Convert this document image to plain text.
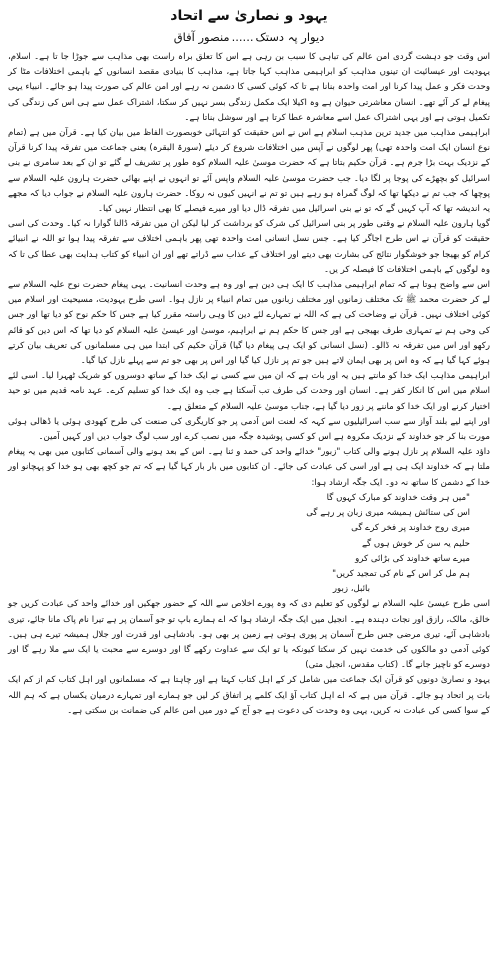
یہود و نصاریٰ سے اتحاد
دیوار پہ دستک......منصور آفاق

اس وقت جو دہشت گردی امن عالم کی تباہی کا سبب بن رہی ہے اس کا تعلق براہ راست بھی مذاہب سے جوڑا جا تا ہے۔ اسلام، یہودیت اور عیسائیت ان تینوں مذاہب کو ابراہیمی مذاہب کہا جاتا ہے، مذاہب کا بنیادی مقصد انسانوں کے باہمی اختلافات مٹا کر وحدت فکر و عمل پیدا کرنا اور امت واحدہ بنانا ہے تا کہ کوئی کسی کا دشمن نہ رہے اور امن عالم کی صورت پیدا ہو جائے۔ انبیاء یہی پیغام لے کر آئے تھے۔ انسان معاشرتی حیوان ہے وہ اکیلا ایک مکمل زندگی بسر نہیں کر سکتا، اشتراک عمل سے ہی اس کی زندگی کی تکمیل ہوتی ہے اور یہی اشتراک عمل اسے معاشرہ عطا کرتا ہے اور سوشل بناتا ہے۔

ابراہیمی مذاہب میں جدید ترین مذہب اسلام ہے اس نے اس حقیقت کو انتہائی خوبصورت الفاظ میں بیان کیا ہے۔ قرآن میں ہے (تمام نوع انسان ایک امت واحدہ تھی) پھر لوگوں نے آپس میں اختلافات شروع کر دیئے (سورۃ البقرہ) یعنی جماعت میں تفرقہ پیدا کرنا قرآن کے نزدیک بہت بڑا جرم ہے۔ قرآن حکیم بتاتا ہے کہ حضرت موسیٰ علیہ السلام کوہ طور پر تشریف لے گئے تو ان کے بعد سامری نے بنی اسرائیل کو بچھڑے کی پوجا پر لگا دیا۔ جب حضرت موسیٰ علیہ السلام واپس آئے تو انہوں نے اپنے بھائی حضرت ہارون علیہ السلام سے پوچھا کہ جب تم نے دیکھا تھا کہ لوگ گمراہ ہو رہے ہیں تو تم نے انہیں کیوں نہ روکا۔ حضرت ہارون علیہ السلام نے جواب دیا کہ مجھے یہ اندیشہ تھا کہ آپ کہیں گے کہ تو نے بنی اسرائیل میں تفرقہ ڈال دیا اور میرے فیصلے کا بھی انتظار نہیں کیا۔

گویا ہارون علیہ السلام نے وقتی طور پر بنی اسرائیل کی شرک کو برداشت کر لیا لیکن ان میں تفرقہ ڈالنا گوارا نہ کیا۔ وحدت کی اسی حقیقت کو قرآن نے اس طرح اجاگر کیا ہے۔ جس نسل انسانی امت واحدہ تھی پھر باہمی اختلاف سے تفرقہ پیدا ہوا تو اللہ نے انبیائے کرام کو بھیجا جو خوشگوار نتائج کی بشارت بھی دیتے اور اختلاف کے عذاب سے ڈراتے تھے اور ان انبیاء کو کتاب ہدایت بھی عطا کی تا کہ وہ لوگوں کے باہمی اختلافات کا فیصلہ کر یں۔

اس سے واضح ہوتا ہے کہ تمام ابراہیمی مذاہب کا ایک ہی دین ہے اور وہ ہے وحدت انسانیت۔ یہی پیغام حضرت نوح علیہ السلام سے لے کر حضرت محمد ﷺ تک مختلف زمانوں اور مختلف زبانوں میں تمام انبیاء پر نازل ہوا۔ اسی طرح یہودیت، مسیحیت اور اسلام میں کوئی اختلاف نہیں۔ قرآن نے وضاحت کی ہے کہ اللہ نے تمہارے لئے دین کا وہی راستہ مقرر کیا ہے جس کا حکم نوح کو دیا تھا اور جس کی وحی ہم نے تمہاری طرف بھیجی ہے اور جس کا حکم ہم نے ابراہیم، موسیٰ اور عیسیٰ علیہ السلام کو دیا تھا کہ اس دین کو قائم رکھو اور اس میں تفرقہ نہ ڈالو۔ (نسل انسانی کو ایک ہی پیغام دیا گیا) قرآن حکیم کی ابتدا میں ہی مسلمانوں کی تعریف بیان کرتے ہوئے کہا گیا ہے کہ وہ اس پر بھی ایمان لاتے ہیں جو تم پر نازل کیا گیا اور اس پر بھی جو تم سے پہلے نازل کیا گیا۔

ابراہیمی مذاہب ایک خدا کو مانتے ہیں یہ اور بات ہے کہ ان میں سے کسی نے ایک خدا کے ساتھ دوسروں کو شریک ٹھہرا لیا۔ اسی لئے اسلام میں اس کا انکار کفر ہے۔ انسان اور وحدت کی طرف تب آسکتا ہے جب وہ ایک خدا کو تسلیم کرے۔ عہد نامہ قدیم میں تو حید اختیار کرنے اور ایک خدا کو ماننے پر زور دیا گیا ہے، جناب موسیٰ علیہ السلام کے متعلق ہے۔

اور اپنے لیے بلند آواز سے سب اسرائیلیوں سے کہہ کہ لعنت اس آدمی پر جو کاریگری کی صنعت کی طرح کھودی ہوئی یا ڈھالی ہوئی مورت بنا کر جو خداوند کے نزدیک مکروہ ہے اس کو کسی پوشیدہ جگہ میں نصب کرے اور سب لوگ جواب دیں اور کہیں آمین۔

داؤد علیہ السلام پر نازل ہونے والی کتاب "زبور" خدائے واحد کی حمد و ثنا ہے۔ اس کے بعد ہونے والی آسمانی کتابوں میں بھی یہ پیغام ملتا ہے کہ خداوند ایک ہی ہے اور اسی کی عبادت کی جائے۔ ان کتابوں میں بار بار کہا گیا ہے کہ تم جو کچھ بھی ہو خدا کو پہچانو اور خدا کے دشمن کا ساتھ نہ دو۔ ایک جگہ ارشاد ہوا:

"میں ہر وقت خداوند کو مبارک کہوں گا

اس کی ستائش ہمیشہ میری زبان پر رہے گی

میری روح خداوند پر فخر کرے گی

حلیم یہ سن کر خوش ہوں گے

میرے ساتھ خداوند کی بڑائی کرو

ہم مل کر اس کے نام کی تمجید کریں"

بائبل، زبور

اسی طرح عیسیٰ علیہ السلام نے لوگوں کو تعلیم دی کہ وہ پورے اخلاص سے اللہ کے حضور جھکیں اور خدائے واحد کی عبادت کریں جو خالق، مالک، رازق اور نجات دہندہ ہے۔ انجیل میں ایک جگہ ارشاد ہوا کہ اے ہمارے باپ تو جو آسمان پر ہے تیرا نام پاک مانا جائے، تیری بادشاہی آئے، تیری مرضی جس طرح آسمان پر پوری ہوتی ہے زمین پر بھی ہو۔ بادشاہی اور قدرت اور جلال ہمیشہ تیرے ہی ہیں۔ کوئی آدمی دو مالکوں کی خدمت نہیں کر سکتا کیونکہ یا تو ایک سے عداوت رکھے گا اور دوسرے سے محبت یا ایک سے ملا رہے گا اور دوسرے کو ناچیز جانے گا۔ (کتاب مقدس، انجیل متی)

یہود و نصاریٰ دونوں کو قرآن ایک جماعت میں شامل کر کے اہل کتاب کہتا ہے اور چاہتا ہے کہ مسلمانوں اور اہل کتاب کم از کم ایک بات پر اتحاد ہو جائے۔ قرآن میں ہے کہ اے اہل کتاب آؤ ایک کلمے پر اتفاق کر لیں جو ہمارے اور تمہارے درمیان یکساں ہے کہ ہم اللہ کے سوا کسی کی عبادت نہ کریں، یہی وہ وحدت کی دعوت ہے جو آج کے دور میں امن عالم کی ضمانت بن سکتی ہے۔
